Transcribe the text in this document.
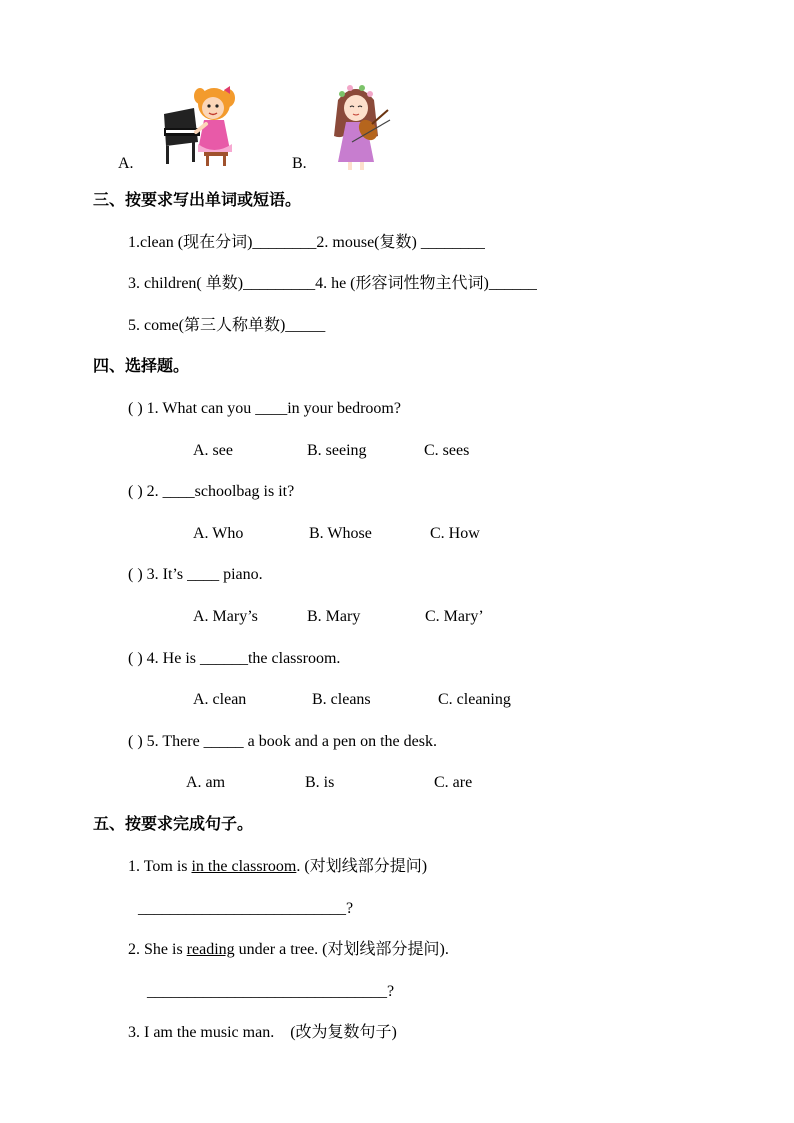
A.	B.
三、按要求写出单词或短语。
1.clean (现在分词)________2. mouse(复数) ________
3. children( 单数)_________4. he (形容词性物主代词)______
5. come(第三人称单数)_____
四、选择题。
( ) 1. What can you ____in your bedroom?
A. see	B. seeing	C. sees
( ) 2. ____schoolbag is it?
A. Who	B. Whose	C. How
( ) 3. It’s ____ piano.
A. Mary’s	B. Mary	C. Mary’
( ) 4. He is ______the classroom.
A. clean	B. cleans	C. cleaning
( ) 5. There _____ a book and a pen on the desk.
A. am	B. is	C. are
五、按要求完成句子。
1. Tom is in the classroom. (对划线部分提问)
__________________________?
2. She is reading under a tree. (对划线部分提问).
______________________________?
3. I am the music man.    (改为复数句子)
